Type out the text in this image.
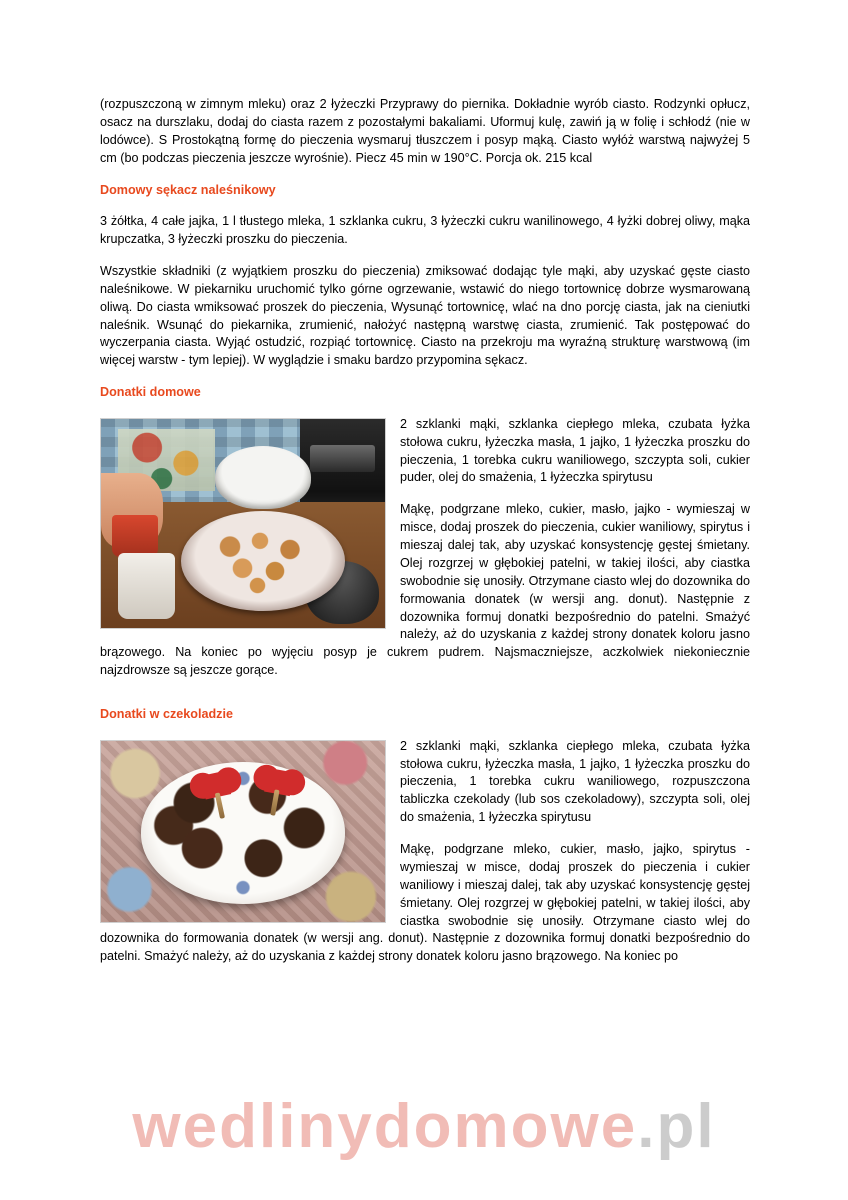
(rozpuszczoną w zimnym mleku) oraz 2 łyżeczki Przyprawy do piernika. Dokładnie wyrób ciasto. Rodzynki opłucz, osacz na durszlaku, dodaj do ciasta razem z pozostałymi bakaliami. Uformuj kulę, zawiń ją w folię i schłodź (nie w lodówce). S Prostokątną formę do pieczenia wysmaruj tłuszczem i posyp mąką. Ciasto wyłóż warstwą najwyżej 5 cm (bo podczas pieczenia jeszcze wyrośnie). Piecz 45 min w 190°C. Porcja ok. 215 kcal

Domowy sękacz naleśnikowy

3 żółtka, 4 całe jajka, 1 l tłustego mleka, 1 szklanka cukru, 3 łyżeczki cukru wanilinowego, 4 łyżki dobrej oliwy, mąka krupczatka, 3 łyżeczki proszku do pieczenia.

Wszystkie składniki (z wyjątkiem proszku do pieczenia) zmiksować dodając tyle mąki, aby uzyskać gęste ciasto naleśnikowe. W piekarniku uruchomić tylko górne ogrzewanie, wstawić do niego tortownicę dobrze wysmarowaną oliwą. Do ciasta wmiksować proszek do pieczenia, Wysunąć tortownicę, wlać na dno porcję ciasta, jak na cieniutki naleśnik. Wsunąć do piekarnika, zrumienić, nałożyć następną warstwę ciasta, zrumienić. Tak postępować do wyczerpania ciasta. Wyjąć ostudzić, rozpiąć tortownicę. Ciasto na przekroju ma wyraźną strukturę warstwową (im więcej warstw - tym lepiej). W wyglądzie i smaku bardzo przypomina sękacz.

Donatki domowe

2 szklanki mąki, szklanka ciepłego mleka, czubata łyżka stołowa cukru, łyżeczka masła, 1 jajko, 1 łyżeczka proszku do pieczenia, 1 torebka cukru waniliowego, szczypta soli, cukier puder, olej do smażenia, 1 łyżeczka spirytusu

Mąkę, podgrzane mleko, cukier, masło, jajko - wymieszaj w misce, dodaj proszek do pieczenia, cukier waniliowy, spirytus i mieszaj dalej tak, aby uzyskać konsystencję gęstej śmietany. Olej rozgrzej w głębokiej patelni, w takiej ilości, aby ciastka swobodnie się unosiły. Otrzymane ciasto wlej do dozownika do formowania donatek (w wersji ang. donut). Następnie z dozownika formuj donatki bezpośrednio do patelni. Smażyć należy, aż do uzyskania z każdej strony donatek koloru jasno brązowego. Na koniec po wyjęciu posyp je cukrem pudrem. Najsmaczniejsze, aczkolwiek niekoniecznie najzdrowsze są jeszcze gorące.

Donatki w czekoladzie

2 szklanki mąki, szklanka ciepłego mleka, czubata łyżka stołowa cukru, łyżeczka masła, 1 jajko, 1 łyżeczka proszku do pieczenia, 1 torebka cukru waniliowego, rozpuszczona tabliczka czekolady (lub sos czekoladowy), szczypta soli, olej do smażenia, 1 łyżeczka spirytusu

Mąkę, podgrzane mleko, cukier, masło, jajko, spirytus - wymieszaj w misce, dodaj proszek do pieczenia i cukier waniliowy i mieszaj dalej, tak aby uzyskać konsystencję gęstej śmietany. Olej rozgrzej w głębokiej patelni, w takiej ilości, aby ciastka swobodnie się unosiły. Otrzymane ciasto wlej do dozownika do formowania donatek (w wersji ang. donut). Następnie z dozownika formuj donatki bezpośrednio do patelni. Smażyć należy, aż do uzyskania z każdej strony donatek koloru jasno brązowego. Na koniec po

wedlinydomowe.pl
